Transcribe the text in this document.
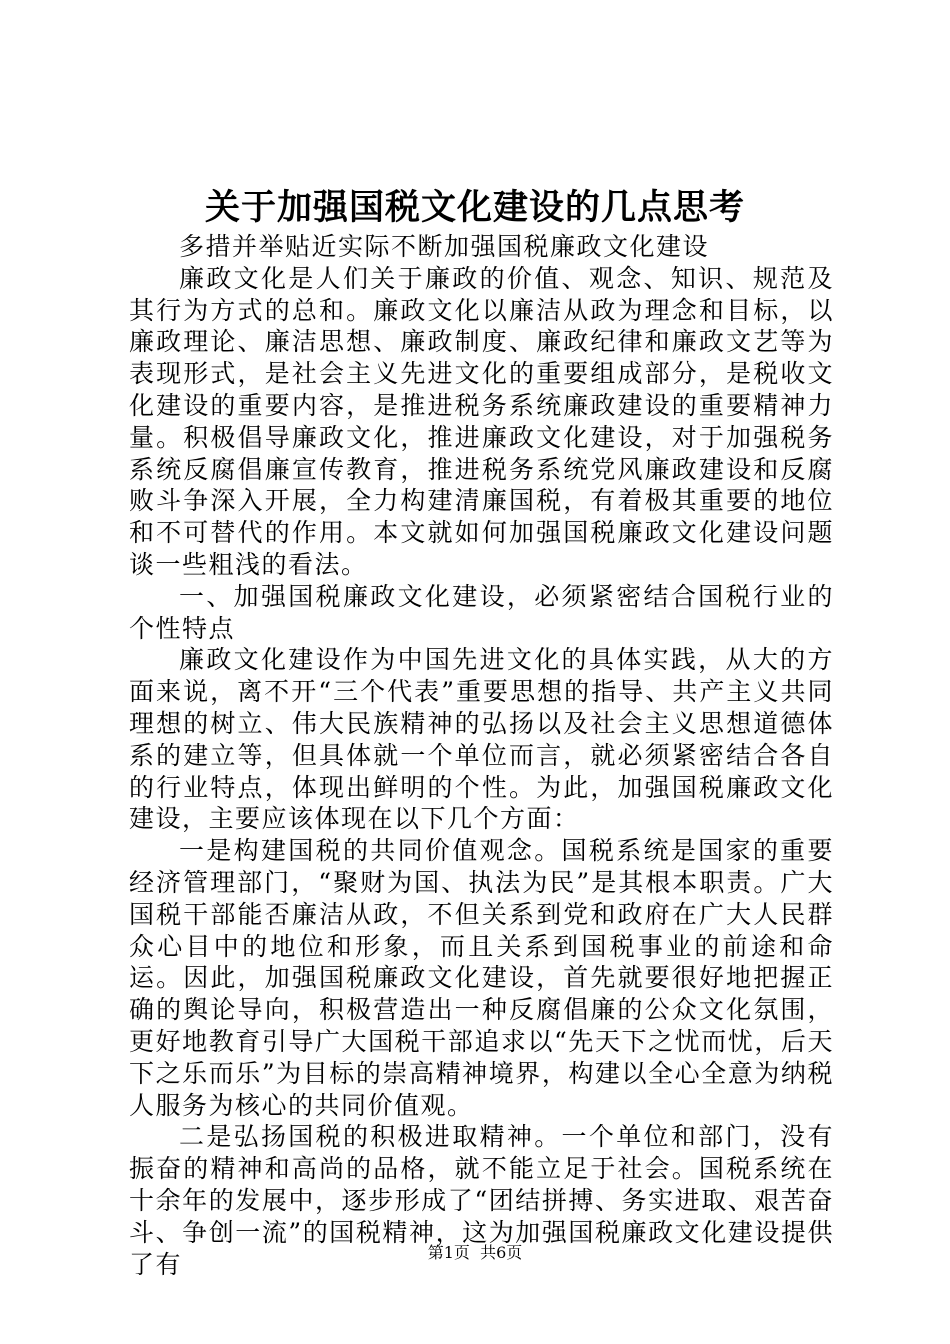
关于加强国税文化建设的几点思考

多措并举贴近实际不断加强国税廉政文化建设

廉政文化是人们关于廉政的价值、观念、知识、规范及其行为方式的总和。廉政文化以廉洁从政为理念和目标，以廉政理论、廉洁思想、廉政制度、廉政纪律和廉政文艺等为表现形式，是社会主义先进文化的重要组成部分，是税收文化建设的重要内容，是推进税务系统廉政建设的重要精神力量。积极倡导廉政文化，推进廉政文化建设，对于加强税务系统反腐倡廉宣传教育，推进税务系统党风廉政建设和反腐败斗争深入开展，全力构建清廉国税，有着极其重要的地位和不可替代的作用。本文就如何加强国税廉政文化建设问题谈一些粗浅的看法。

一、加强国税廉政文化建设，必须紧密结合国税行业的个性特点

廉政文化建设作为中国先进文化的具体实践，从大的方面来说，离不开“三个代表”重要思想的指导、共产主义共同理想的树立、伟大民族精神的弘扬以及社会主义思想道德体系的建立等，但具体就一个单位而言，就必须紧密结合各自的行业特点，体现出鲜明的个性。为此，加强国税廉政文化建设，主要应该体现在以下几个方面：

一是构建国税的共同价值观念。国税系统是国家的重要经济管理部门，“聚财为国、执法为民”是其根本职责。广大国税干部能否廉洁从政，不但关系到党和政府在广大人民群众心目中的地位和形象，而且关系到国税事业的前途和命运。因此，加强国税廉政文化建设，首先就要很好地把握正确的舆论导向，积极营造出一种反腐倡廉的公众文化氛围，更好地教育引导广大国税干部追求以“先天下之忧而忧，后天下之乐而乐”为目标的崇高精神境界，构建以全心全意为纳税人服务为核心的共同价值观。

二是弘扬国税的积极进取精神。一个单位和部门，没有振奋的精神和高尚的品格，就不能立足于社会。国税系统在十余年的发展中，逐步形成了“团结拼搏、务实进取、艰苦奋斗、争创一流”的国税精神，这为加强国税廉政文化建设提供了有	第1页 共6页
